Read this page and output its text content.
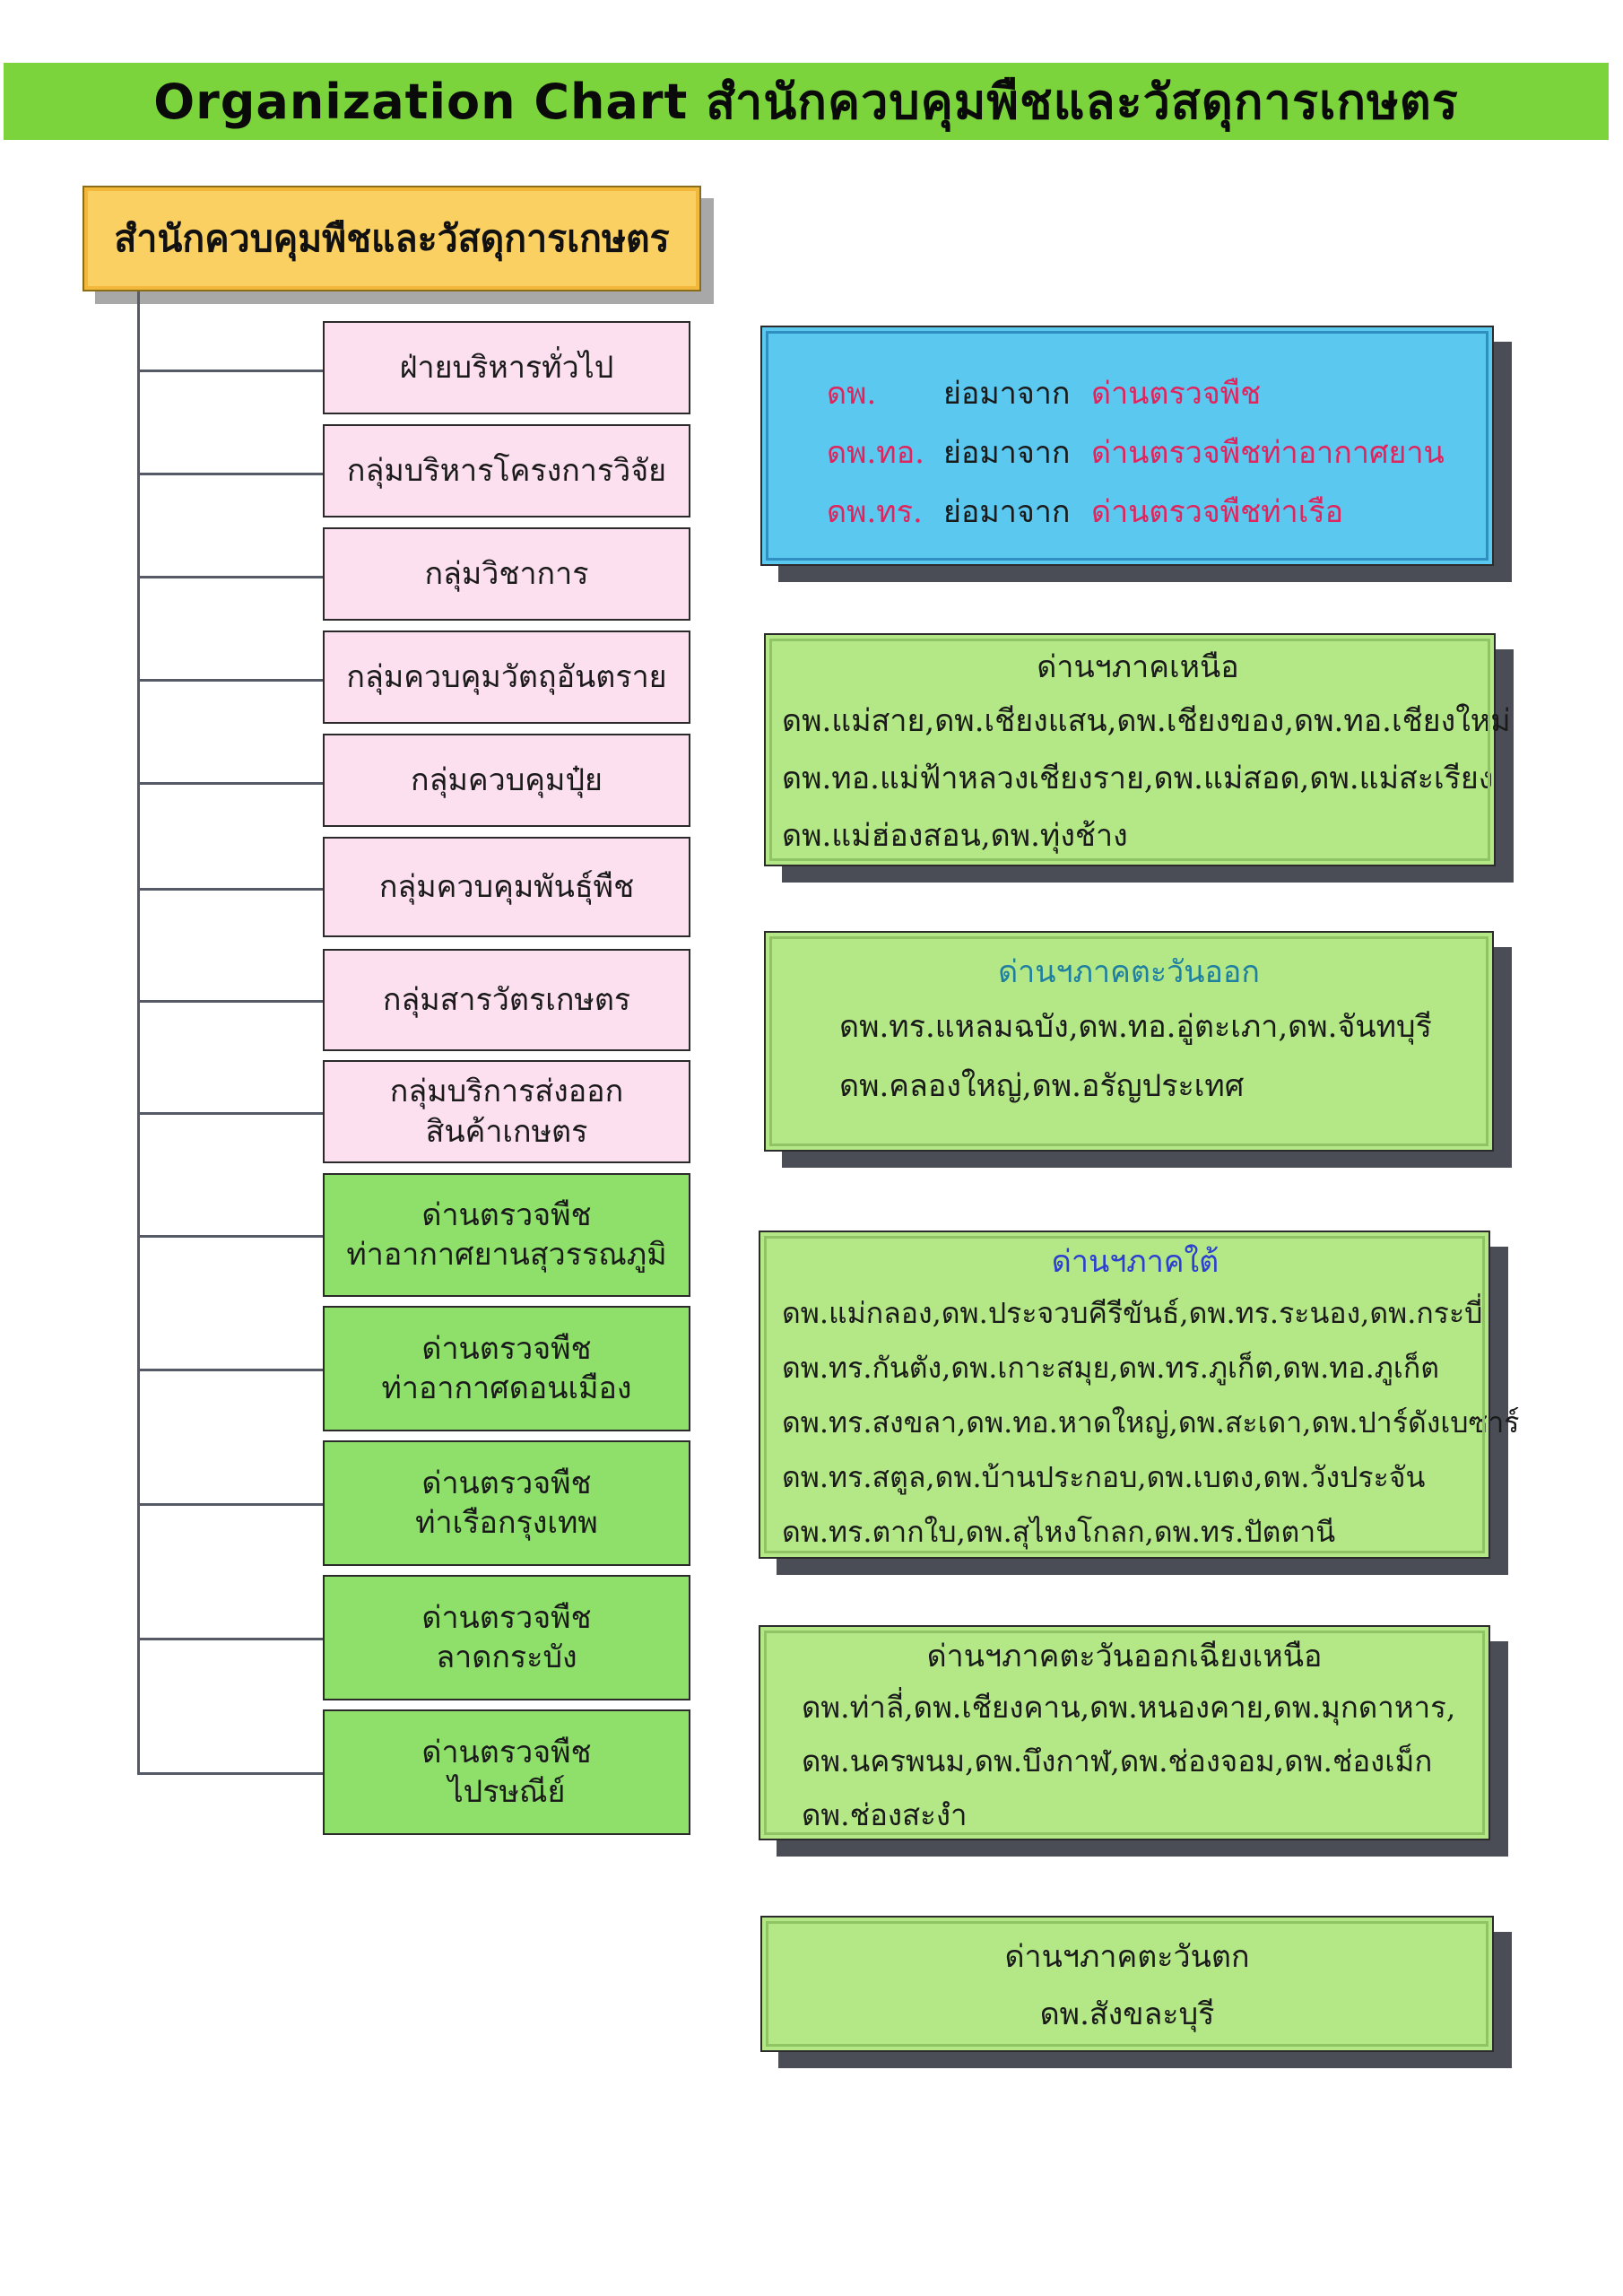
Organization Chart สำนักควบคุมพืชและวัสดุการเกษตร
สำนักควบคุมพืชและวัสดุการเกษตร
ฝ่ายบริหารทั่วไป
กลุ่มบริหารโครงการวิจัย
กลุ่มวิชาการ
กลุ่มควบคุมวัตถุอันตราย
กลุ่มควบคุมปุ๋ย
กลุ่มควบคุมพันธุ์พืช
กลุ่มสารวัตรเกษตร
กลุ่มบริการส่งออก
สินค้าเกษตร
ด่านตรวจพืช
ท่าอากาศยานสุวรรณภูมิ
ด่านตรวจพืช
ท่าอากาศดอนเมือง
ด่านตรวจพืช
ท่าเรือกรุงเทพ
ด่านตรวจพืช
ลาดกระบัง
ด่านตรวจพืช
ไปรษณีย์
ดพ.	ย่อมาจาก ด่านตรวจพืช
ดพ.ทอ. ย่อมาจาก ด่านตรวจพืชท่าอากาศยาน
ดพ.ทร. ย่อมาจาก ด่านตรวจพืชท่าเรือ
ด่านฯภาคเหนือ
ดพ.แม่สาย,ดพ.เชียงแสน,ดพ.เชียงของ,ดพ.ทอ.เชียงใหม่
ดพ.ทอ.แม่ฟ้าหลวงเชียงราย,ดพ.แม่สอด,ดพ.แม่สะเรียง
ดพ.แม่ฮ่องสอน,ดพ.ทุ่งช้าง
ด่านฯภาคตะวันออก
ดพ.ทร.แหลมฉบัง,ดพ.ทอ.อู่ตะเภา,ดพ.จันทบุรี
ดพ.คลองใหญ่,ดพ.อรัญประเทศ
ด่านฯภาคใต้
ดพ.แม่กลอง,ดพ.ประจวบคีรีขันธ์,ดพ.ทร.ระนอง,ดพ.กระบี่
ดพ.ทร.กันตัง,ดพ.เกาะสมุย,ดพ.ทร.ภูเก็ต,ดพ.ทอ.ภูเก็ต
ดพ.ทร.สงขลา,ดพ.ทอ.หาดใหญ่,ดพ.สะเดา,ดพ.ปาร์ดังเบซาร์
ดพ.ทร.สตูล,ดพ.บ้านประกอบ,ดพ.เบตง,ดพ.วังประจัน
ดพ.ทร.ตากใบ,ดพ.สุไหงโกลก,ดพ.ทร.ปัตตานี
ด่านฯภาคตะวันออกเฉียงเหนือ
ดพ.ท่าลี่,ดพ.เชียงคาน,ดพ.หนองคาย,ดพ.มุกดาหาร,
ดพ.นครพนม,ดพ.บึงกาฬ,ดพ.ช่องจอม,ดพ.ช่องเม็ก
ดพ.ช่องสะงำ
ด่านฯภาคตะวันตก
ดพ.สังขละบุรี
